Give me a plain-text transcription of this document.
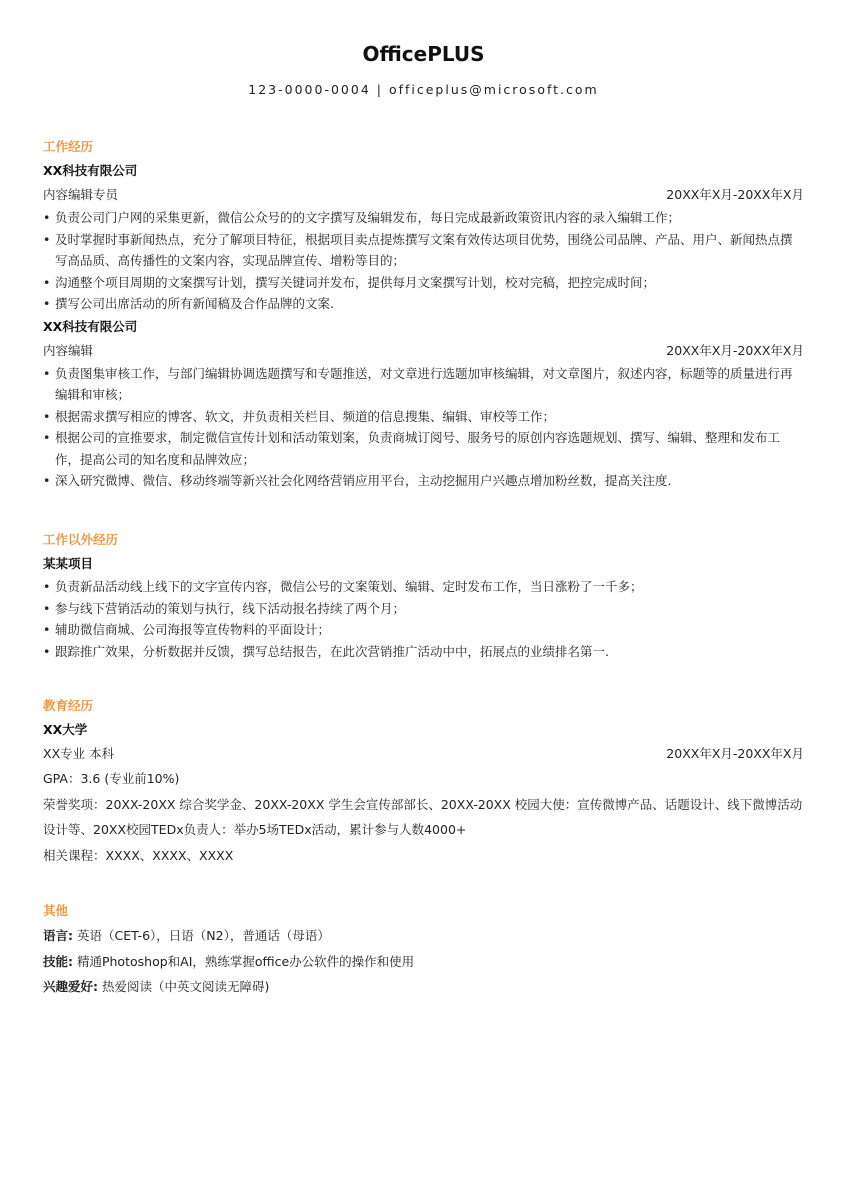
OfficePLUS
123-0000-0004 | officeplus@microsoft.com
工作经历
XX科技有限公司
内容编辑专员	20XX年X月-20XX年X月
• 负责公司门户网的采集更新，微信公众号的的文字撰写及编辑发布，每日完成最新政策资讯内容的录入编辑工作；
• 及时掌握时事新闻热点，充分了解项目特征，根据项目卖点提炼撰写文案有效传达项目优势，围绕公司品牌、产品、用户、新闻热点撰写高品质、高传播性的文案内容，实现品牌宣传、增粉等目的；
• 沟通整个项目周期的文案撰写计划，撰写关键词并发布，提供每月文案撰写计划，校对完稿，把控完成时间；
• 撰写公司出席活动的所有新闻稿及合作品牌的文案.
XX科技有限公司
内容编辑	20XX年X月-20XX年X月
• 负责图集审核工作，与部门编辑协调选题撰写和专题推送，对文章进行选题加审核编辑，对文章图片，叙述内容，标题等的质量进行再编辑和审核；
• 根据需求撰写相应的博客、软文，并负责相关栏目、频道的信息搜集、编辑、审校等工作；
• 根据公司的宣推要求，制定微信宣传计划和活动策划案，负责商城订阅号、服务号的原创内容选题规划、撰写、编辑、整理和发布工作，提高公司的知名度和品牌效应；
• 深入研究微博、微信、移动终端等新兴社会化网络营销应用平台，主动挖掘用户兴趣点增加粉丝数，提高关注度.
工作以外经历
某某项目
• 负责新品活动线上线下的文字宣传内容，微信公号的文案策划、编辑、定时发布工作，当日涨粉了一千多；
• 参与线下营销活动的策划与执行，线下活动报名持续了两个月；
• 辅助微信商城、公司海报等宣传物料的平面设计；
• 跟踪推广效果，分析数据并反馈，撰写总结报告，在此次营销推广活动中中，拓展点的业绩排名第一.
教育经历
XX大学
XX专业 本科	20XX年X月-20XX年X月
GPA：3.6 (专业前10%)
荣誉奖项：20XX-20XX 综合奖学金、20XX-20XX 学生会宣传部部长、20XX-20XX 校园大使：宣传微博产品、话题设计、线下微博活动设计等、20XX校园TEDx负责人：举办5场TEDx活动，累计参与人数4000+
相关课程：XXXX、XXXX、XXXX
其他
语言: 英语（CET-6），日语（N2），普通话（母语）
技能: 精通Photoshop和AI，熟练掌握office办公软件的操作和使用
兴趣爱好: 热爱阅读（中英文阅读无障碍)
